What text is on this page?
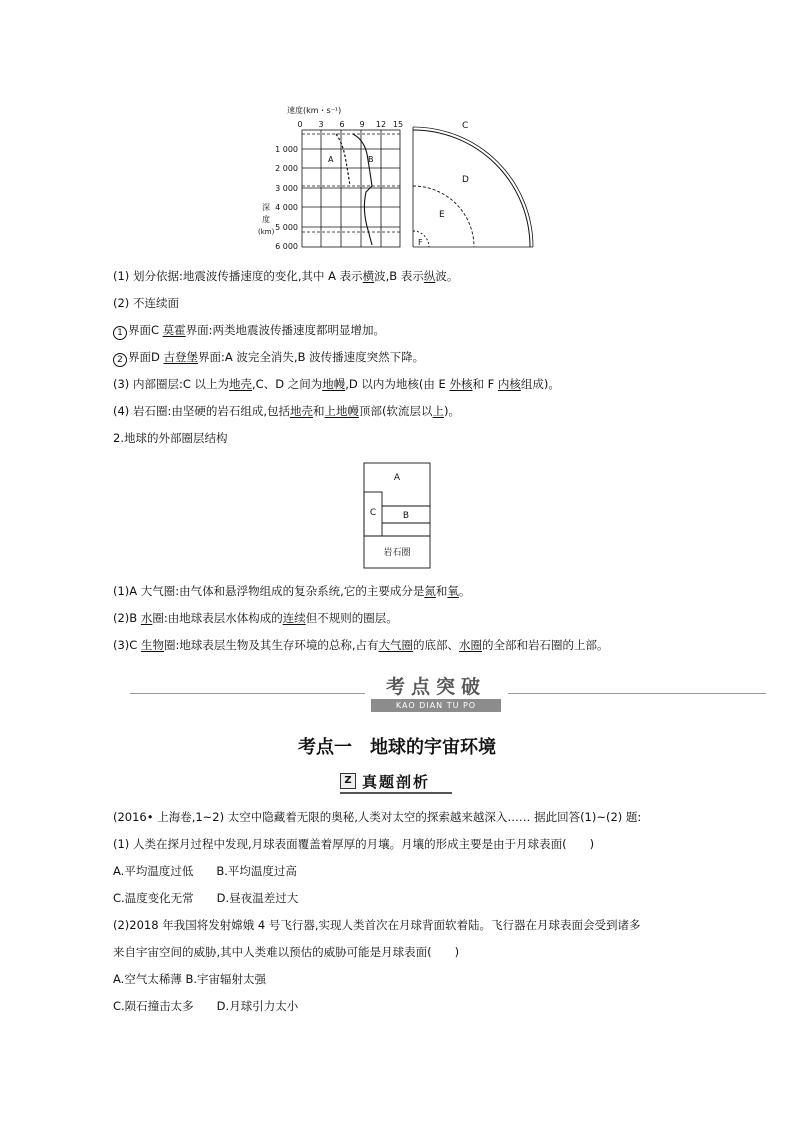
速度(km・s⁻¹)
0 3 6 9 12 15
A	B
1 000
2 000
3 000
4 000
5 000
6 000
深
度
(km)
C
D
E
F
(1) 划分依据:地震波传播速度的变化,其中 A 表示横波,B 表示纵波。
(2) 不连续面
1 界面C 莫霍界面:两类地震波传播速度都明显增加。
2 界面D 古登堡界面:A 波完全消失,B 波传播速度突然下降。
(3) 内部圈层:C 以上为地壳,C、D 之间为地幔,D 以内为地核(由 E 外核和 F 内核组成)。
(4) 岩石圈:由坚硬的岩石组成,包括地壳和上地幔顶部(软流层以上)。
2.地球的外部圈层结构
A
B
C
岩石圈
(1)A 大气圈:由气体和悬浮物组成的复杂系统,它的主要成分是氮和氧。
(2)B 水圈:由地球表层水体构成的连续但不规则的圈层。
(3)C 生物圈:地球表层生物及其生存环境的总称,占有大气圈的底部、水圈的全部和岩石圈的上部。
考点突破
KAO DIAN TU PO
考点一　地球的宇宙环境
Z 真题剖析
(2016• 上海卷,1~2) 太空中隐藏着无限的奥秘,人类对太空的探索越来越深入…… 据此回答(1)~(2) 题:
(1) 人类在探月过程中发现,月球表面覆盖着厚厚的月壤。月壤的形成主要是由于月球表面(　　)
A.平均温度过低　　B.平均温度过高
C.温度变化无常　　D.昼夜温差过大
(2)2018 年我国将发射嫦娥 4 号飞行器,实现人类首次在月球背面软着陆。飞行器在月球表面会受到诸多
来自宇宙空间的威胁,其中人类难以预估的威胁可能是月球表面(　　)
A.空气太稀薄 B.宇宙辐射太强
C.陨石撞击太多　　D.月球引力太小
